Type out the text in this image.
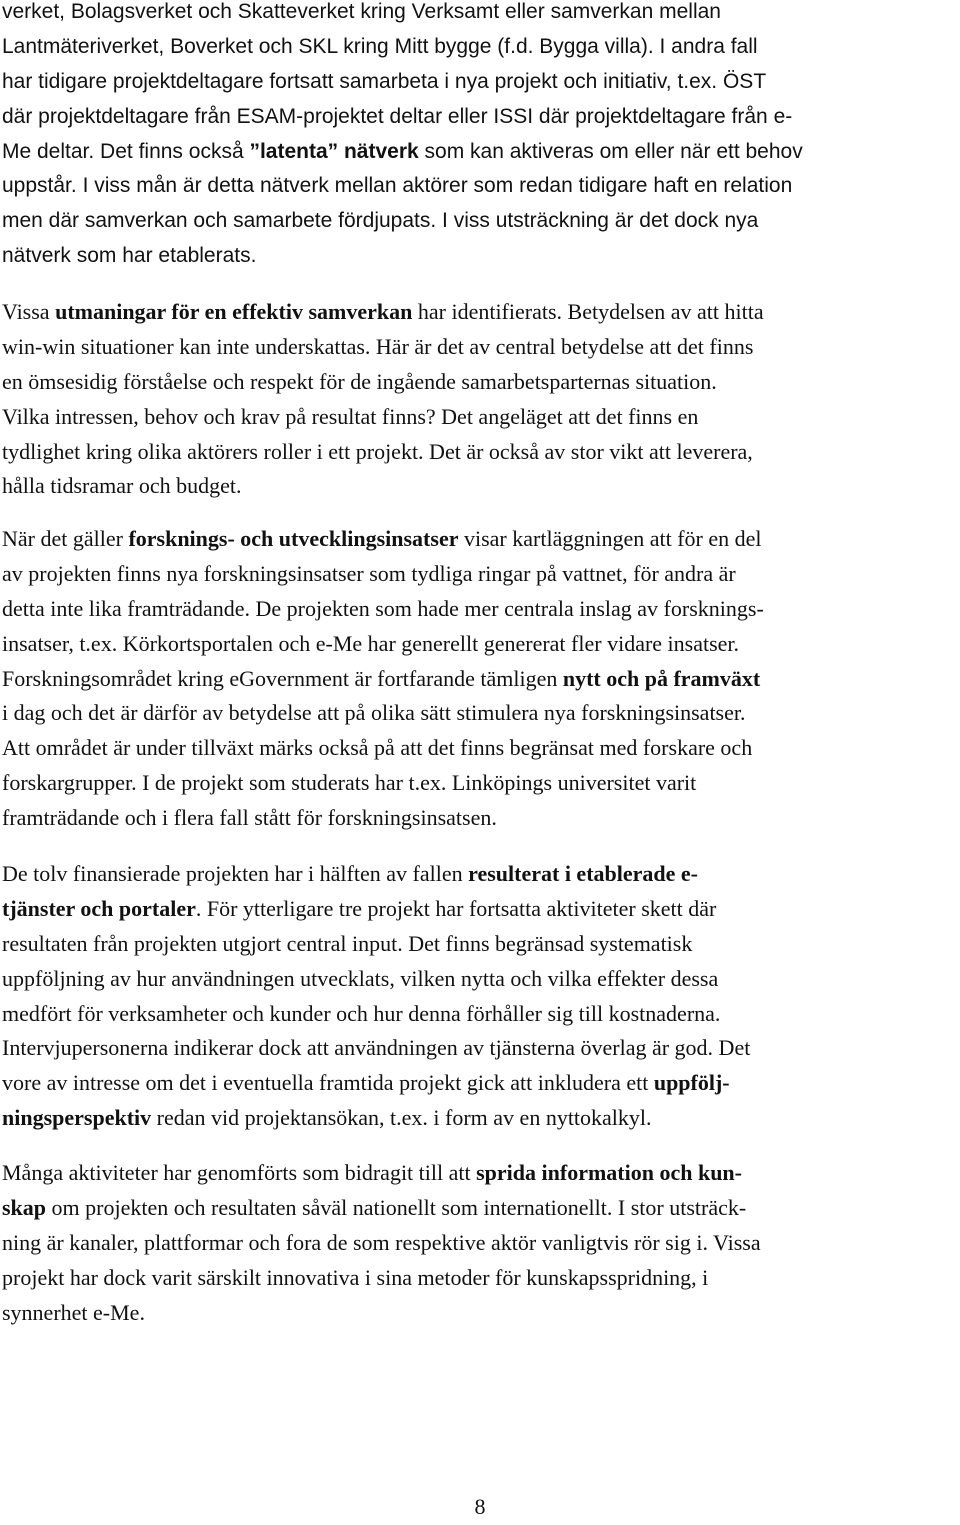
verket, Bolagsverket och Skatteverket kring Verksamt eller samverkan mellan
Lantmäteriverket, Boverket och SKL kring Mitt bygge (f.d. Bygga villa). I andra fall
har tidigare projektdeltagare fortsatt samarbeta i nya projekt och initiativ, t.ex. ÖST
där projektdeltagare från ESAM-projektet deltar eller ISSI där projektdeltagare från e-
Me deltar. Det finns också ”latenta” nätverk som kan aktiveras om eller när ett behov
uppstår. I viss mån är detta nätverk mellan aktörer som redan tidigare haft en relation
men där samverkan och samarbete fördjupats. I viss utsträckning är det dock nya
nätverk som har etablerats.
Vissa utmaningar för en effektiv samverkan har identifierats. Betydelsen av att hitta
win-win situationer kan inte underskattas. Här är det av central betydelse att det finns
en ömsesidig förståelse och respekt för de ingående samarbetsparternas situation.
Vilka intressen, behov och krav på resultat finns? Det angeläget att det finns en
tydlighet kring olika aktörers roller i ett projekt. Det är också av stor vikt att leverera,
hålla tidsramar och budget.
När det gäller forsknings- och utvecklingsinsatser visar kartläggningen att för en del
av projekten finns nya forskningsinsatser som tydliga ringar på vattnet, för andra är
detta inte lika framträdande. De projekten som hade mer centrala inslag av forsknings-
insatser, t.ex. Körkortsportalen och e-Me har generellt genererat fler vidare insatser.
Forskningsområdet kring eGovernment är fortfarande tämligen nytt och på framväxt
i dag och det är därför av betydelse att på olika sätt stimulera nya forskningsinsatser.
Att området är under tillväxt märks också på att det finns begränsat med forskare och
forskargrupper. I de projekt som studerats har t.ex. Linköpings universitet varit
framträdande och i flera fall stått för forskningsinsatsen.
De tolv finansierade projekten har i hälften av fallen resulterat i etablerade e-
tjänster och portaler. För ytterligare tre projekt har fortsatta aktiviteter skett där
resultaten från projekten utgjort central input. Det finns begränsad systematisk
uppföljning av hur användningen utvecklats, vilken nytta och vilka effekter dessa
medfört för verksamheter och kunder och hur denna förhåller sig till kostnaderna.
Intervjupersonerna indikerar dock att användningen av tjänsterna överlag är god. Det
vore av intresse om det i eventuella framtida projekt gick att inkludera ett uppfölj-
ningsperspektiv redan vid projektansökan, t.ex. i form av en nyttokalkyl.
Många aktiviteter har genomförts som bidragit till att sprida information och kun-
skap om projekten och resultaten såväl nationellt som internationellt. I stor utsträck-
ning är kanaler, plattformar och fora de som respektive aktör vanligtvis rör sig i. Vissa
projekt har dock varit särskilt innovativa i sina metoder för kunskapsspridning, i
synnerhet e-Me.
8
